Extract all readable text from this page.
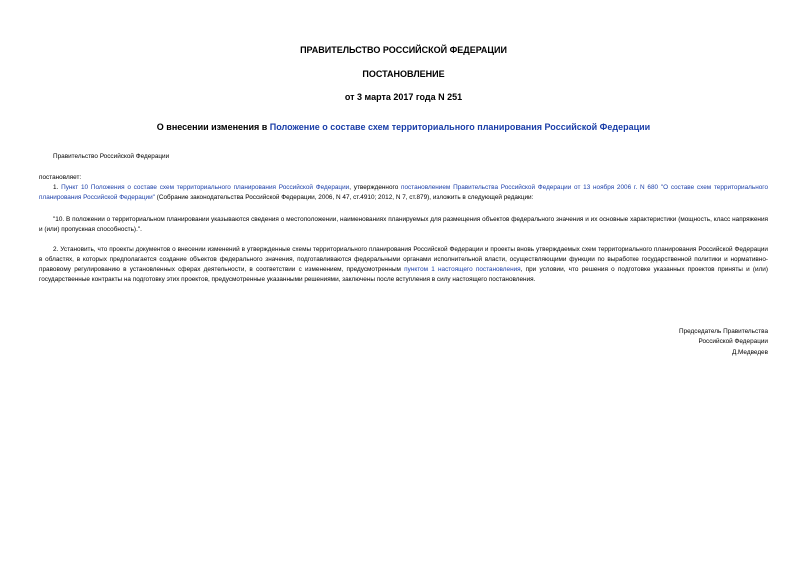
ПРАВИТЕЛЬСТВО РОССИЙСКОЙ ФЕДЕРАЦИИ
ПОСТАНОВЛЕНИЕ
от 3 марта 2017 года N 251
О внесении изменения в Положение о составе схем территориального планирования Российской Федерации
Правительство Российской Федерации
постановляет:
1. Пункт 10 Положения о составе схем территориального планирования Российской Федерации, утвержденного постановлением Правительства Российской Федерации от 13 ноября 2006 г. N 680 "О составе схем территориального планирования Российской Федерации" (Собрание законодательства Российской Федерации, 2006, N 47, ст.4910; 2012, N 7, ст.879), изложить в следующей редакции:
"10. В положении о территориальном планировании указываются сведения о местоположении, наименованиях планируемых для размещения объектов федерального значения и их основные характеристики (мощность, класс напряжения и (или) пропускная способность).".
2. Установить, что проекты документов о внесении изменений в утвержденные схемы территориального планирования Российской Федерации и проекты вновь утверждаемых схем территориального планирования Российской Федерации в областях, в которых предполагается создание объектов федерального значения, подготавливаются федеральными органами исполнительной власти, осуществляющими функции по выработке государственной политики и нормативно-правовому регулированию в установленных сферах деятельности, в соответствии с изменением, предусмотренным пунктом 1 настоящего постановления, при условии, что решения о подготовке указанных проектов приняты и (или) государственные контракты на подготовку этих проектов, предусмотренные указанными решениями, заключены после вступления в силу настоящего постановления.
Председатель Правительства
Российской Федерации
Д.Медведев
